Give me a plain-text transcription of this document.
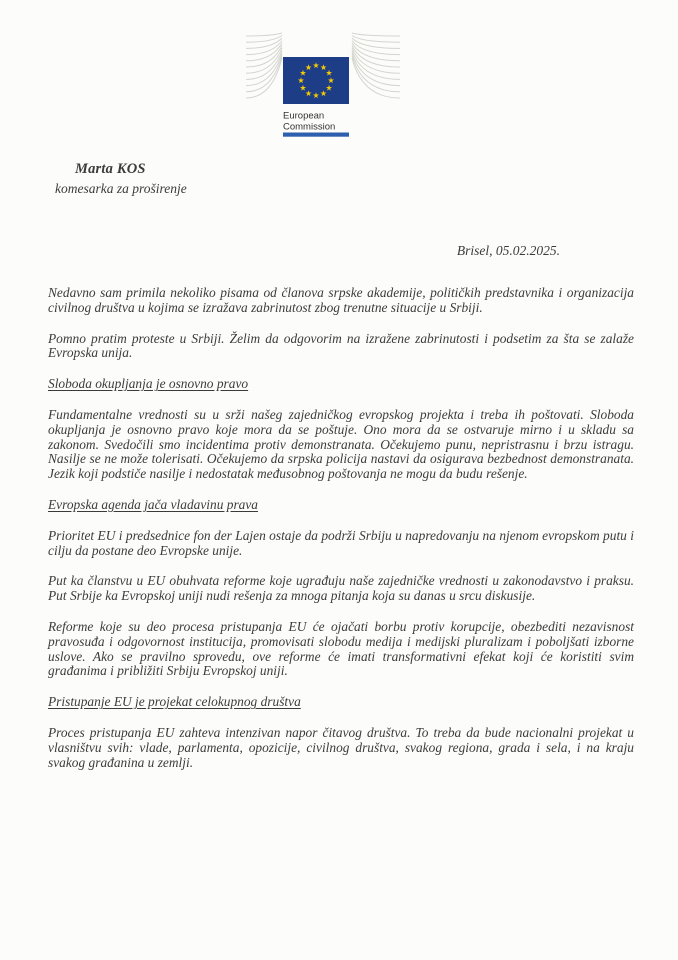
European
Commission
Marta KOS
komesarka za proširenje
Brisel, 05.02.2025.

Nedavno sam primila nekoliko pisama od članova srpske akademije, političkih predstavnika i organizacija civilnog društva u kojima se izražava zabrinutost zbog trenutne situacije u Srbiji.

Pomno pratim proteste u Srbiji. Želim da odgovorim na izražene zabrinutosti i podsetim za šta se zalaže Evropska unija.

Sloboda okupljanja je osnovno pravo

Fundamentalne vrednosti su u srži našeg zajedničkog evropskog projekta i treba ih poštovati. Sloboda okupljanja je osnovno pravo koje mora da se poštuje. Ono mora da se ostvaruje mirno i u skladu sa zakonom. Svedočili smo incidentima protiv demonstranata. Očekujemo punu, nepristrasnu i brzu istragu. Nasilje se ne može tolerisati. Očekujemo da srpska policija nastavi da osigurava bezbednost demonstranata. Jezik koji podstiče nasilje i nedostatak međusobnog poštovanja ne mogu da budu rešenje.

Evropska agenda jača vladavinu prava

Prioritet EU i predsednice fon der Lajen ostaje da podrži Srbiju u napredovanju na njenom evropskom putu i cilju da postane deo Evropske unije.

Put ka članstvu u EU obuhvata reforme koje ugrađuju naše zajedničke vrednosti u zakonodavstvo i praksu. Put Srbije ka Evropskoj uniji nudi rešenja za mnoga pitanja koja su danas u srcu diskusije.

Reforme koje su deo procesa pristupanja EU će ojačati borbu protiv korupcije, obezbediti nezavisnost pravosuđa i odgovornost institucija, promovisati slobodu medija i medijski pluralizam i poboljšati izborne uslove. Ako se pravilno sprovedu, ove reforme će imati transformativni efekat koji će koristiti svim građanima i približiti Srbiju Evropskoj uniji.

Pristupanje EU je projekat celokupnog društva

Proces pristupanja EU zahteva intenzivan napor čitavog društva. To treba da bude nacionalni projekat u vlasništvu svih: vlade, parlamenta, opozicije, civilnog društva, svakog regiona, grada i sela, i na kraju svakog građanina u zemlji.
